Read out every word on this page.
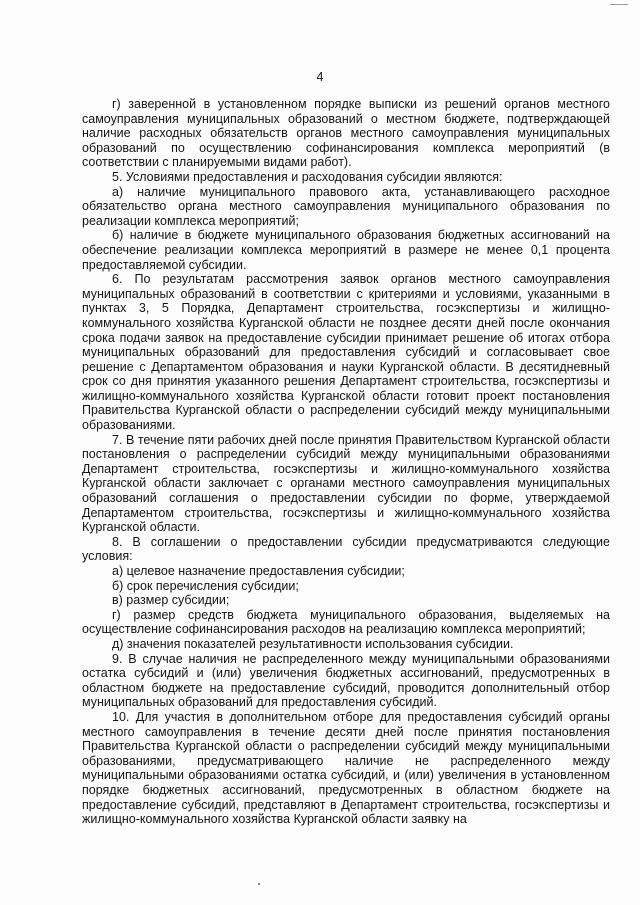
4

г) заверенной в установленном порядке выписки из решений органов местного самоуправления муниципальных образований о местном бюджете, подтверждающей наличие расходных обязательств органов местного самоуправления муниципальных образований по осуществлению софинансирования комплекса мероприятий (в соответствии с планируемыми видами работ).

5. Условиями предоставления и расходования субсидии являются:

а) наличие муниципального правового акта, устанавливающего расходное обязательство органа местного самоуправления муниципального образования по реализации комплекса мероприятий;

б) наличие в бюджете муниципального образования бюджетных ассигнований на обеспечение реализации комплекса мероприятий в размере не менее 0,1 процента предоставляемой субсидии.

6. По результатам рассмотрения заявок органов местного самоуправления муниципальных образований в соответствии с критериями и условиями, указанными в пунктах 3, 5 Порядка, Департамент строительства, госэкспертизы и жилищно-коммунального хозяйства Курганской области не позднее десяти дней после окончания срока подачи заявок на предоставление субсидии принимает решение об итогах отбора муниципальных образований для предоставления субсидий и согласовывает свое решение с Департаментом образования и науки Курганской области. В десятидневный срок со дня принятия указанного решения Департамент строительства, госэкспертизы и жилищно-коммунального хозяйства Курганской области готовит проект постановления Правительства Курганской области о распределении субсидий между муниципальными образованиями.

7. В течение пяти рабочих дней после принятия Правительством Курганской области постановления о распределении субсидий между муниципальными образованиями Департамент строительства, госэкспертизы и жилищно-коммунального хозяйства Курганской области заключает с органами местного самоуправления муниципальных образований соглашения о предоставлении субсидии по форме, утверждаемой Департаментом строительства, госэкспертизы и жилищно-коммунального хозяйства Курганской области.

8. В соглашении о предоставлении субсидии предусматриваются следующие условия:

а) целевое назначение предоставления субсидии;

б) срок перечисления субсидии;

в) размер субсидии;

г) размер средств бюджета муниципального образования, выделяемых на осуществление софинансирования расходов на реализацию комплекса мероприятий;

д) значения показателей результативности использования субсидии.

9. В случае наличия не распределенного между муниципальными образованиями остатка субсидий и (или) увеличения бюджетных ассигнований, предусмотренных в областном бюджете на предоставление субсидий, проводится дополнительный отбор муниципальных образований для предоставления субсидий.

10. Для участия в дополнительном отборе для предоставления субсидий органы местного самоуправления в течение десяти дней после принятия постановления Правительства Курганской области о распределении субсидий между муниципальными образованиями, предусматривающего наличие не распределенного между муниципальными образованиями остатка субсидий, и (или) увеличения в установленном порядке бюджетных ассигнований, предусмотренных в областном бюджете на предоставление субсидий, представляют в Департамент строительства, госэкспертизы и жилищно-коммунального хозяйства Курганской области заявку на
